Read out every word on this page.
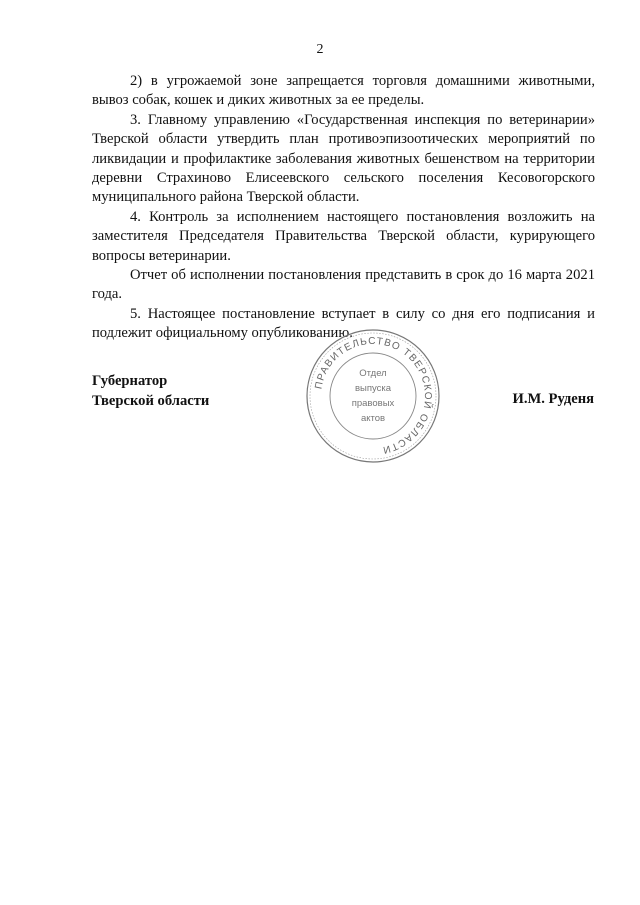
2

2) в угрожаемой зоне запрещается торговля домашними животными, вывоз собак, кошек и диких животных за ее пределы.

3. Главному управлению «Государственная инспекция по ветеринарии» Тверской области утвердить план противоэпизоотических мероприятий по ликвидации и профилактике заболевания животных бешенством на территории деревни Страхиново Елисеевского сельского поселения Кесовогорского муниципального района Тверской области.

4. Контроль за исполнением настоящего постановления возложить на заместителя Председателя Правительства Тверской области, курирующего вопросы ветеринарии.

Отчет об исполнении постановления представить в срок до 16 марта 2021 года.

5. Настоящее постановление вступает в силу со дня его подписания и подлежит официальному опубликованию.

Губернатор
Тверской области
ПРАВИТЕЛЬСТВО ТВЕРСКОЙ ОБЛАСТИ
Отдел
выпуска
правовых
актов
И.М. Руденя
